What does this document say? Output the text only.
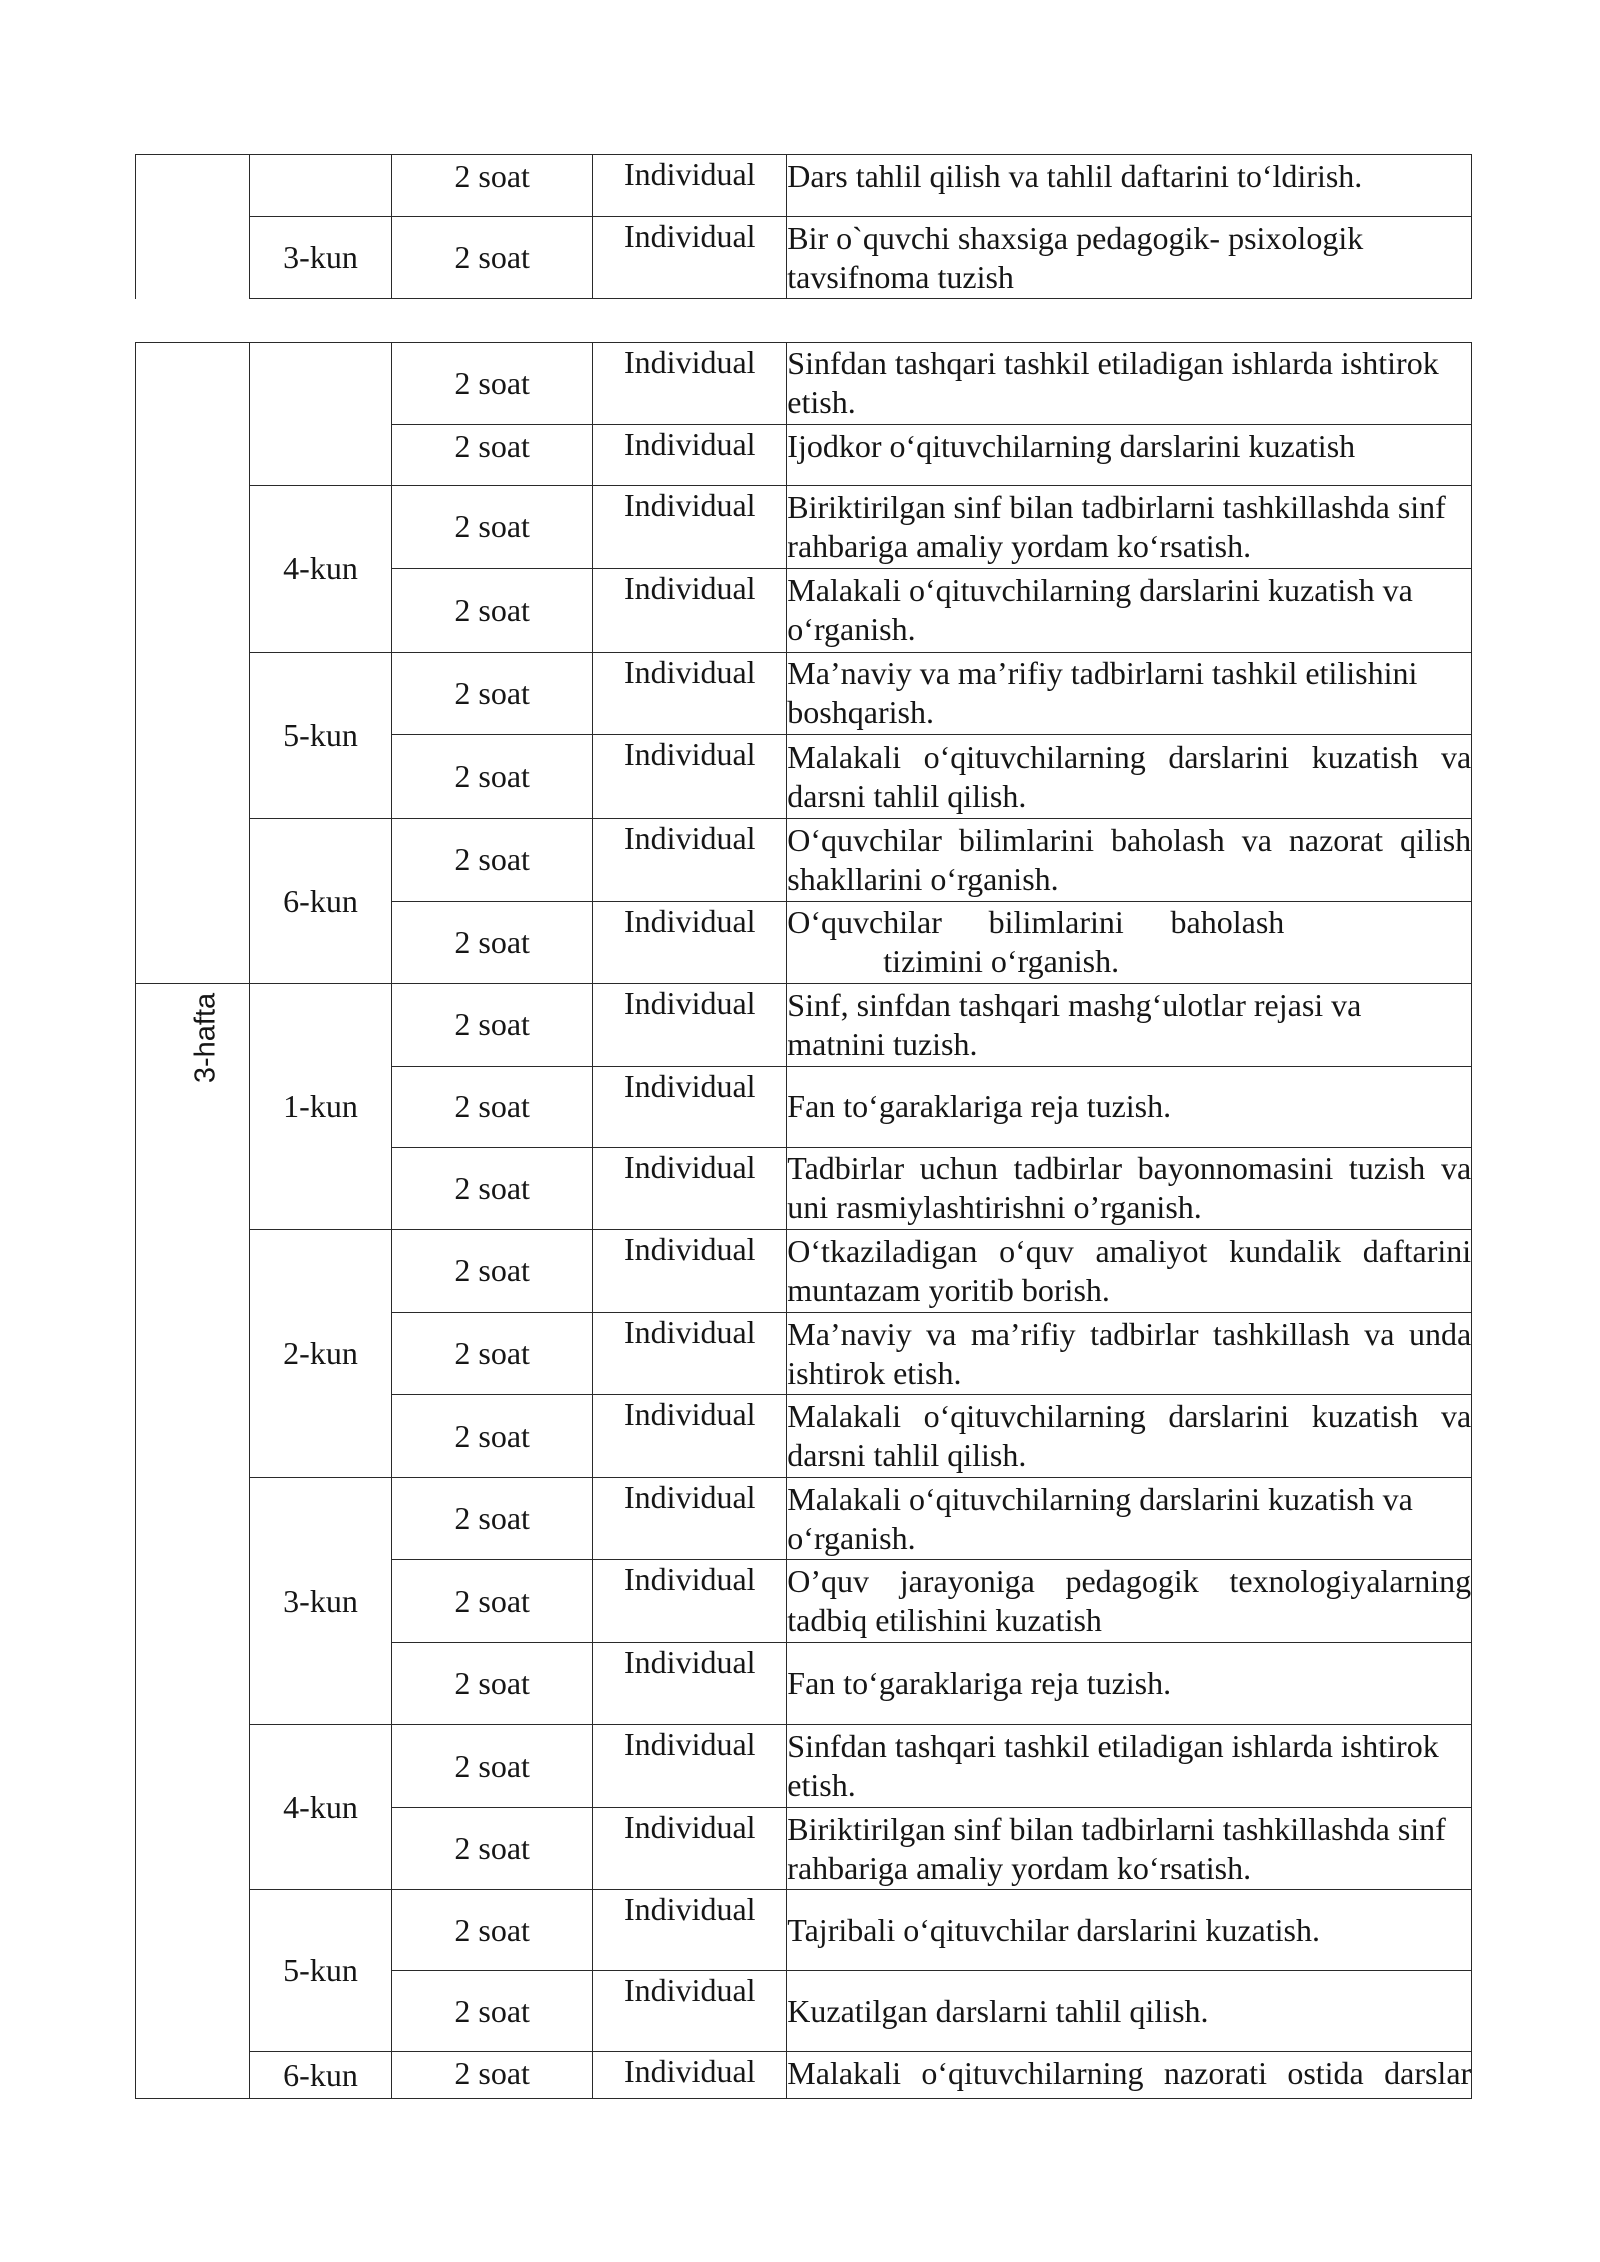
		2 soat	Individual	Dars tahlil qilish va tahlil daftarini to‘ldirish.

	3-kun	2 soat	Individual	Bir o`quvchi shaxsiga pedagogik- psixologik
tavsifnoma tuzish
		2 soat	Individual	Sinfdan tashqari tashkil etiladigan ishlarda ishtirok
etish.

		2 soat	Individual	Ijodkor o‘qituvchilarning darslarini kuzatish

	4-kun	2 soat	Individual	Biriktirilgan sinf bilan tadbirlarni tashkillashda sinf
rahbariga amaliy yordam ko‘rsatish.

		2 soat	Individual	Malakali o‘qituvchilarning darslarini kuzatish va
o‘rganish.

	5-kun	2 soat	Individual	Ma’naviy va ma’rifiy tadbirlarni tashkil etilishini
boshqarish.

		2 soat	Individual	Malakali o‘qituvchilarning darslarini kuzatish va
darsni tahlil qilish.

	6-kun	2 soat	Individual	O‘quvchilar bilimlarini baholash va nazorat qilish
shakllarini o‘rganish.

		2 soat	Individual	O‘quvchilar bilimlarini baholash
tizimini o‘rganish.

3-hafta	1-kun	2 soat	Individual	Sinf, sinfdan tashqari mashg‘ulotlar rejasi va
matnini tuzish.

		2 soat	Individual	Fan to‘garaklariga reja tuzish.

		2 soat	Individual	Tadbirlar uchun tadbirlar bayonnomasini tuzish va
uni rasmiylashtirishni o’rganish.

	2-kun	2 soat	Individual	O‘tkaziladigan o‘quv amaliyot kundalik daftarini
muntazam yoritib borish.

		2 soat	Individual	Ma’naviy va ma’rifiy tadbirlar tashkillash va unda
ishtirok etish.

		2 soat	Individual	Malakali o‘qituvchilarning darslarini kuzatish va
darsni tahlil qilish.

	3-kun	2 soat	Individual	Malakali o‘qituvchilarning darslarini kuzatish va
o‘rganish.

		2 soat	Individual	O’quv jarayoniga pedagogik texnologiyalarning
tadbiq etilishini kuzatish

		2 soat	Individual	Fan to‘garaklariga reja tuzish.

	4-kun	2 soat	Individual	Sinfdan tashqari tashkil etiladigan ishlarda ishtirok
etish.

		2 soat	Individual	Biriktirilgan sinf bilan tadbirlarni tashkillashda sinf
rahbariga amaliy yordam ko‘rsatish.

	5-kun	2 soat	Individual	Tajribali o‘qituvchilar darslarini kuzatish.

		2 soat	Individual	Kuzatilgan darslarni tahlil qilish.

	6-kun	2 soat	Individual	Malakali o‘qituvchilarning nazorati ostida darslar
